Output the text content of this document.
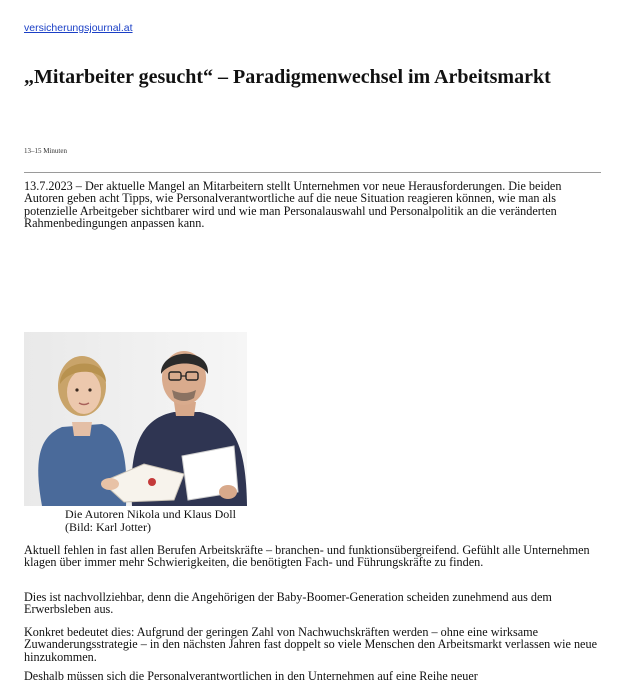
versicherungsjournal.at
„Mitarbeiter gesucht“ – Paradigmenwechsel im Arbeitsmarkt
13–15 Minuten

13.7.2023 – Der aktuelle Mangel an Mitarbeitern stellt Unternehmen vor neue Herausforderungen. Die beiden Autoren geben acht Tipps, wie Personalverantwortliche auf die neue Situation reagieren können, wie man als potenzielle Arbeitgeber sichtbarer wird und wie man Personalauswahl und Personalpolitik an die veränderten Rahmenbedingungen anpassen kann.

Die Autoren Nikola und Klaus Doll
(Bild: Karl Jotter)

Aktuell fehlen in fast allen Berufen Arbeitskräfte – branchen- und funktionsübergreifend. Gefühlt alle Unternehmen klagen über immer mehr Schwierigkeiten, die benötigten Fach- und Führungskräfte zu finden.

Dies ist nachvollziehbar, denn die Angehörigen der Baby-Boomer-Generation scheiden zunehmend aus dem Erwerbsleben aus.

Konkret bedeutet dies: Aufgrund der geringen Zahl von Nachwuchskräften werden – ohne eine wirksame Zuwanderungsstrategie – in den nächsten Jahren fast doppelt so viele Menschen den Arbeitsmarkt verlassen wie neue hinzukommen.

Deshalb müssen sich die Personalverantwortlichen in den Unternehmen auf eine Reihe neuer
